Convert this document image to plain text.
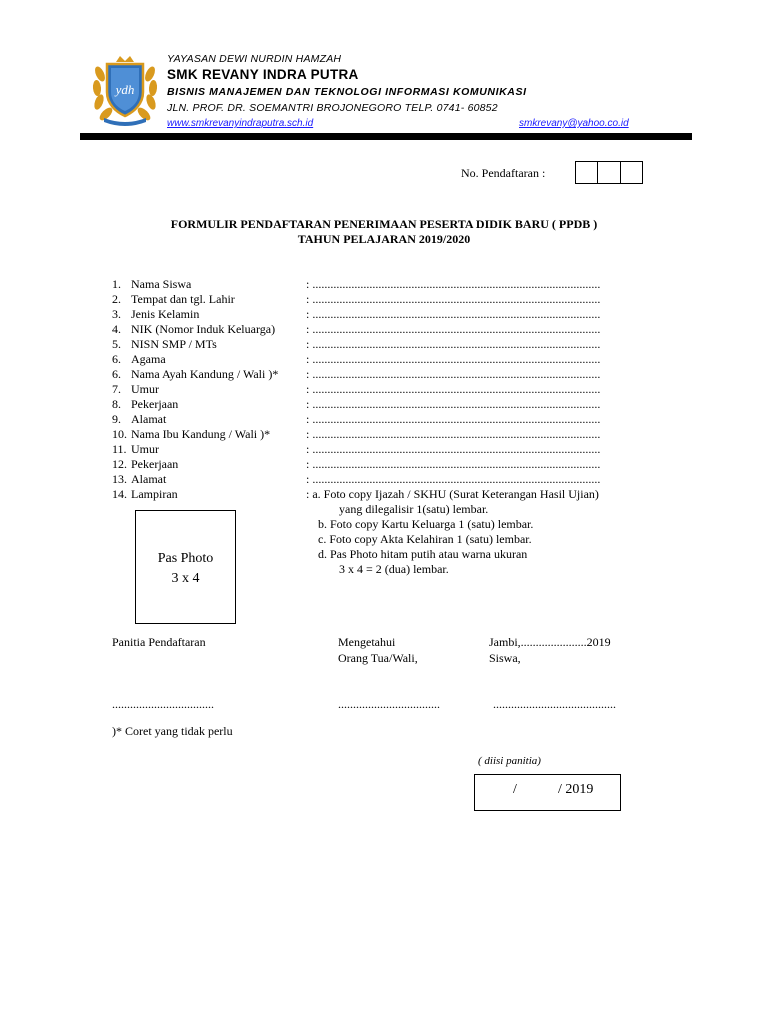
ydh
YAYASAN DEWI NURDIN HAMZAH
SMK REVANY INDRA PUTRA
BISNIS MANAJEMEN DAN TEKNOLOGI INFORMASI KOMUNIKASI
JLN. PROF. DR. SOEMANTRI BROJONEGORO TELP. 0741- 60852
www.smkrevanyindraputra.sch.id	smkrevany@yahoo.co.id
No. Pendaftaran :
FORMULIR PENDAFTARAN PENERIMAAN PESERTA DIDIK BARU ( PPDB )
TAHUN PELAJARAN 2019/2020
1. Nama Siswa	: ................................................................................................
2. Tempat dan tgl. Lahir	: ................................................................................................
3. Jenis Kelamin	: ................................................................................................
4. NIK (Nomor Induk Keluarga)	: ................................................................................................
5. NISN SMP / MTs	: ................................................................................................
6. Agama	: ................................................................................................
6. Nama Ayah Kandung / Wali )* : ................................................................................................
7. Umur	: ................................................................................................
8. Pekerjaan	: ................................................................................................
9. Alamat	: ................................................................................................
10. Nama Ibu Kandung / Wali )*	: ................................................................................................
11. Umur	: ................................................................................................
12. Pekerjaan	: ................................................................................................
13. Alamat	: ................................................................................................
14. Lampiran	: a. Foto copy Ijazah / SKHU (Surat Keterangan Hasil Ujian)
yang dilegalisir 1(satu) lembar.
b. Foto copy Kartu Keluarga 1 (satu) lembar.
c. Foto copy Akta Kelahiran 1 (satu) lembar.
d. Pas Photo hitam putih atau warna ukuran
3 x 4 = 2 (dua) lembar.
Pas Photo
3 x 4
Panitia Pendaftaran	Mengetahui
Orang Tua/Wali,
Jambi,......................2019
Siswa,
..................................	..................................	.........................................
)* Coret yang tidak perlu
( diisi panitia)
/	/ 2019
